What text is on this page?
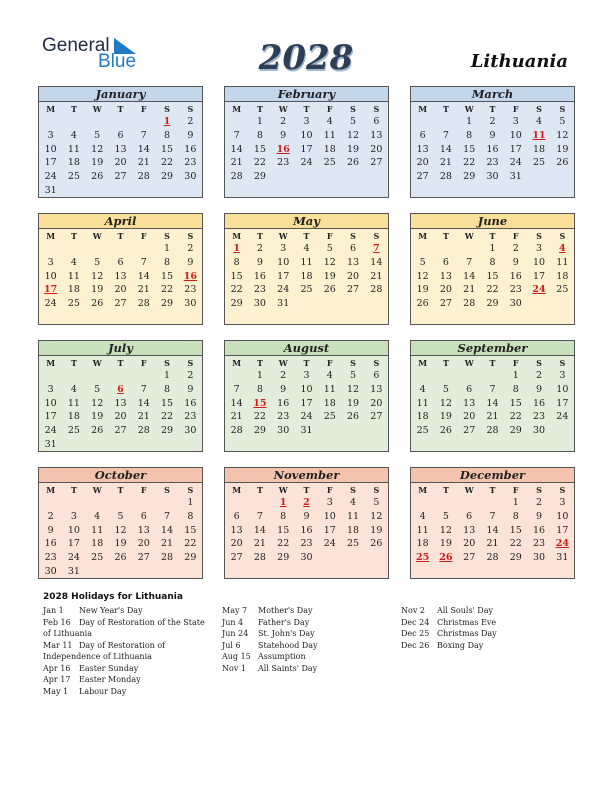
General
Blue	2028	Lithuania
January
M	T	W	T	F	S	S
					1	2
3	4	5	6	7	8	9
10	11	12	13	14	15	16
17	18	19	20	21	22	23
24	25	26	27	28	29	30
31						
February
M	T	W	T	F	S	S
	1	2	3	4	5	6
7	8	9	10	11	12	13
14	15	16	17	18	19	20
21	22	23	24	25	26	27
28	29					
March
M	T	W	T	F	S	S
		1	2	3	4	5
6	7	8	9	10	11	12
13	14	15	16	17	18	19
20	21	22	23	24	25	26
27	28	29	30	31		
April
M	T	W	T	F	S	S
					1	2
3	4	5	6	7	8	9
10	11	12	13	14	15	16
17	18	19	20	21	22	23
24	25	26	27	28	29	30
May
M	T	W	T	F	S	S
1	2	3	4	5	6	7
8	9	10	11	12	13	14
15	16	17	18	19	20	21
22	23	24	25	26	27	28
29	30	31				
June
M	T	W	T	F	S	S
			1	2	3	4
5	6	7	8	9	10	11
12	13	14	15	16	17	18
19	20	21	22	23	24	25
26	27	28	29	30		
July
M	T	W	T	F	S	S
					1	2
3	4	5	6	7	8	9
10	11	12	13	14	15	16
17	18	19	20	21	22	23
24	25	26	27	28	29	30
31						
August
M	T	W	T	F	S	S
	1	2	3	4	5	6
7	8	9	10	11	12	13
14	15	16	17	18	19	20
21	22	23	24	25	26	27
28	29	30	31			
September
M	T	W	T	F	S	S
				1	2	3
4	5	6	7	8	9	10
11	12	13	14	15	16	17
18	19	20	21	22	23	24
25	26	27	28	29	30	
October
M	T	W	T	F	S	S
						1
2	3	4	5	6	7	8
9	10	11	12	13	14	15
16	17	18	19	20	21	22
23	24	25	26	27	28	29
30	31					
November
M	T	W	T	F	S	S
		1	2	3	4	5
6	7	8	9	10	11	12
13	14	15	16	17	18	19
20	21	22	23	24	25	26
27	28	29	30			
December
M	T	W	T	F	S	S
				1	2	3
4	5	6	7	8	9	10
11	12	13	14	15	16	17
18	19	20	21	22	23	24
25	26	27	28	29	30	31
2028 Holidays for Lithuania
Jan 1 New Year's Day
Feb 16 Day of Restoration of the State of Lithuania
Mar 11 Day of Restoration of Independence of Lithuania
Apr 16 Easter Sunday
Apr 17 Easter Monday
May 1 Labour Day
May 7 Mother's Day
Jun 4 Father's Day
Jun 24 St. John's Day
Jul 6 Statehood Day
Aug 15 Assumption
Nov 1 All Saints' Day
Nov 2 All Souls' Day
Dec 24 Christmas Eve
Dec 25 Christmas Day
Dec 26 Boxing Day
